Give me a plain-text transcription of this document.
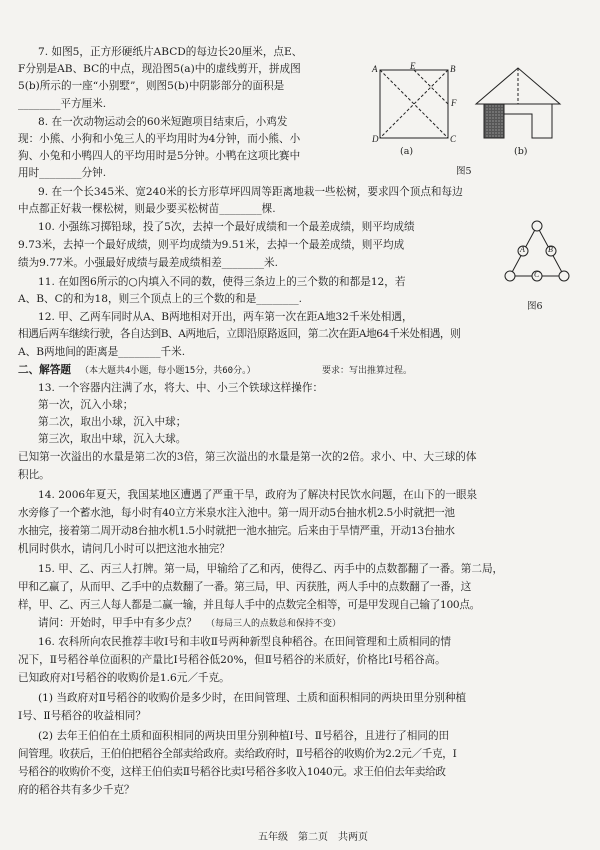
7. 如图5，正方形硬纸片ABCD的每边长20厘米，点E、
F分别是AB、BC的中点，现沿图5(a)中的虚线剪开，拼成图
5(b)所示的一座“小别墅”，则图5(b)中阴影部分的面积是
________平方厘米.
8. 在一次动物运动会的60米短跑项目结束后，小鸡发
现：小熊、小狗和小兔三人的平均用时为4分钟，而小熊、小
狗、小兔和小鸭四人的平均用时是5分钟。小鸭在这项比赛中
用时________分钟.
A	B
C
D
E
F
(a)	(b)
图5
9. 在一个长345米、宽240米的长方形草坪四周等距离地栽一些松树，要求四个顶点和每边
中点都正好栽一棵松树，则最少要买松树苗________棵.
10. 小强练习掷铅球，投了5次，去掉一个最好成绩和一个最差成绩，则平均成绩
9.73米，去掉一个最好成绩，则平均成绩为9.51米，去掉一个最差成绩，则平均成
绩为9.77米。小强最好成绩与最差成绩相差________米.
A	B
C
图6
11. 在如图6所示的○内填入不同的数，使得三条边上的三个数的和都是12，若
A、B、C的和为18，则三个顶点上的三个数的和是________.
12. 甲、乙两车同时从A、B两地相对开出，两车第一次在距A地32千米处相遇，
相遇后两车继续行驶，各自达到B、A两地后，立即沿原路返回，第二次在距A地64千米处相遇，则
A、B两地间的距离是________千米.
二、解答题 （本大题共4小题，每小题15分，共60分。）	要求：写出推算过程。
13. 一个容器内注满了水，将大、中、小三个铁球这样操作：
第一次，沉入小球；
第二次，取出小球，沉入中球；
第三次，取出中球，沉入大球。
已知第一次溢出的水量是第二次的3倍，第三次溢出的水量是第一次的2倍。求小、中、大三球的体
积比。
14. 2006年夏天，我国某地区遭遇了严重干旱，政府为了解决村民饮水问题，在山下的一眼泉
水旁修了一个蓄水池，每小时有40立方米泉水注入池中。第一周开动5台抽水机2.5小时就把一池
水抽完，接着第二周开动8台抽水机1.5小时就把一池水抽完。后来由于旱情严重，开动13台抽水
机同时供水，请问几小时可以把这池水抽完？
15. 甲、乙、丙三人打牌。第一局，甲输给了乙和丙，使得乙、丙手中的点数都翻了一番。第二局，
甲和乙赢了，从而甲、乙手中的点数翻了一番。第三局，甲、丙获胜，两人手中的点数翻了一番，这
样，甲、乙、丙三人每人都是二赢一输，并且每人手中的点数完全相等，可是甲发现自己输了100点。
请问：开始时，甲手中有多少点？ （每局三人的点数总和保持不变）
16. 农科所向农民推荐丰收Ⅰ号和丰收Ⅱ号两种新型良种稻谷。在田间管理和土质相同的情
况下，Ⅱ号稻谷单位面积的产量比Ⅰ号稻谷低20%，但Ⅱ号稻谷的米质好，价格比Ⅰ号稻谷高。
已知政府对Ⅰ号稻谷的收购价是1.6元／千克。
(1) 当政府对Ⅱ号稻谷的收购价是多少时，在田间管理、土质和面积相同的两块田里分别种植
Ⅰ号、Ⅱ号稻谷的收益相同？
(2) 去年王伯伯在土质和面积相同的两块田里分别种植Ⅰ号、Ⅱ号稻谷，且进行了相同的田
间管理。收获后，王伯伯把稻谷全部卖给政府。卖给政府时，Ⅱ号稻谷的收购价为2.2元／千克，Ⅰ
号稻谷的收购价不变，这样王伯伯卖Ⅱ号稻谷比卖Ⅰ号稻谷多收入1040元。求王伯伯去年卖给政
府的稻谷共有多少千克？
五年级　第二页　共两页
